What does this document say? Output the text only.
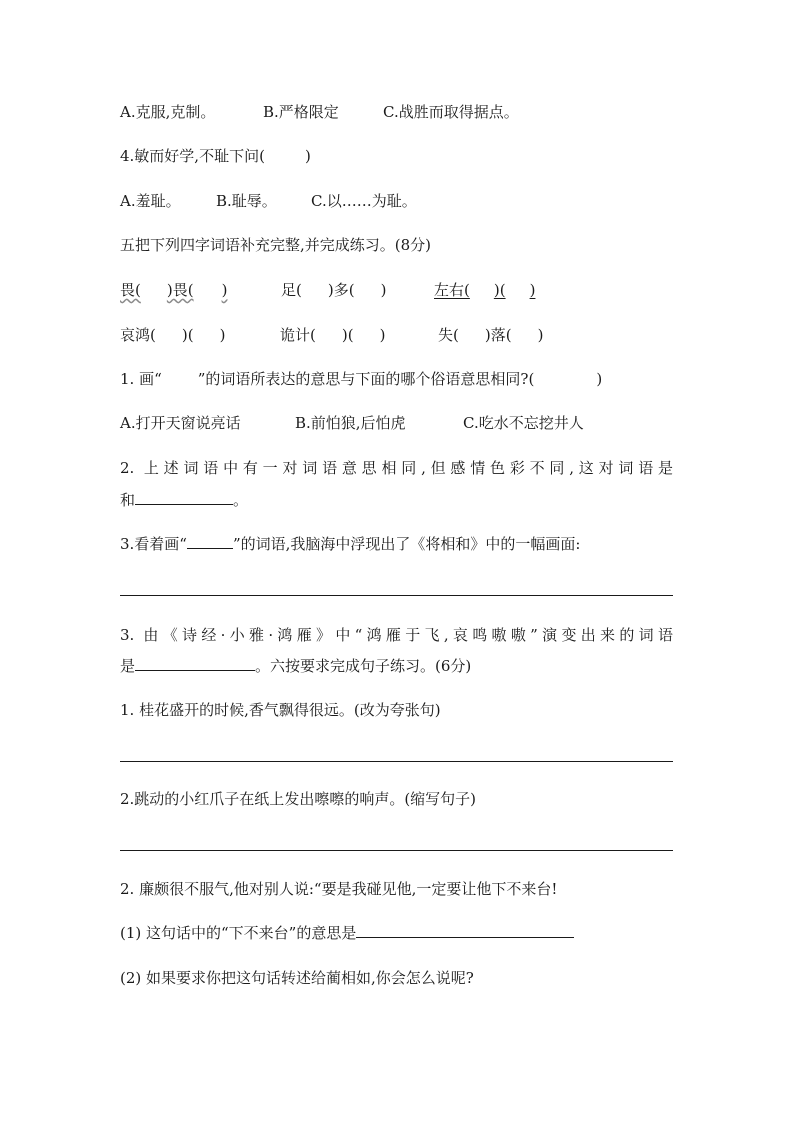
A.克服,克制。	B.严格限定	C.战胜而取得据点。
4.敏而好学,不耻下问(	)
A.羞耻。 B.耻辱。 C.以……为耻。
五把下列四字词语补充完整,并完成练习。(8分)
畏( )畏( )	足( )多( )	左右( )( )
哀鸿( )( )	诡计( )( )	失( )落( )
1. 画“ ”的词语所表达的意思与下面的哪个俗语意思相同?(	)
A.打开天窗说亮话	B.前怕狼,后怕虎	C.吃水不忘挖井人
2. 上述词语中有一对词语意思相同,但感情色彩不同,这对词语是
和	。
3.看着画“	”的词语,我脑海中浮现出了《将相和》中的一幅画面:
3. 由《诗经·小雅·鸿雁》中“鸿雁于飞,哀鸣嗷嗷”演变出来的词语
是	。六按要求完成句子练习。(6分)
1. 桂花盛开的时候,香气飘得很远。(改为夸张句)
2.跳动的小红爪子在纸上发出嚓嚓的响声。(缩写句子)
2. 廉颇很不服气,他对别人说:“要是我碰见他,一定要让他下不来台!
(1) 这句话中的“下不来台”的意思是
(2) 如果要求你把这句话转述给蔺相如,你会怎么说呢?
